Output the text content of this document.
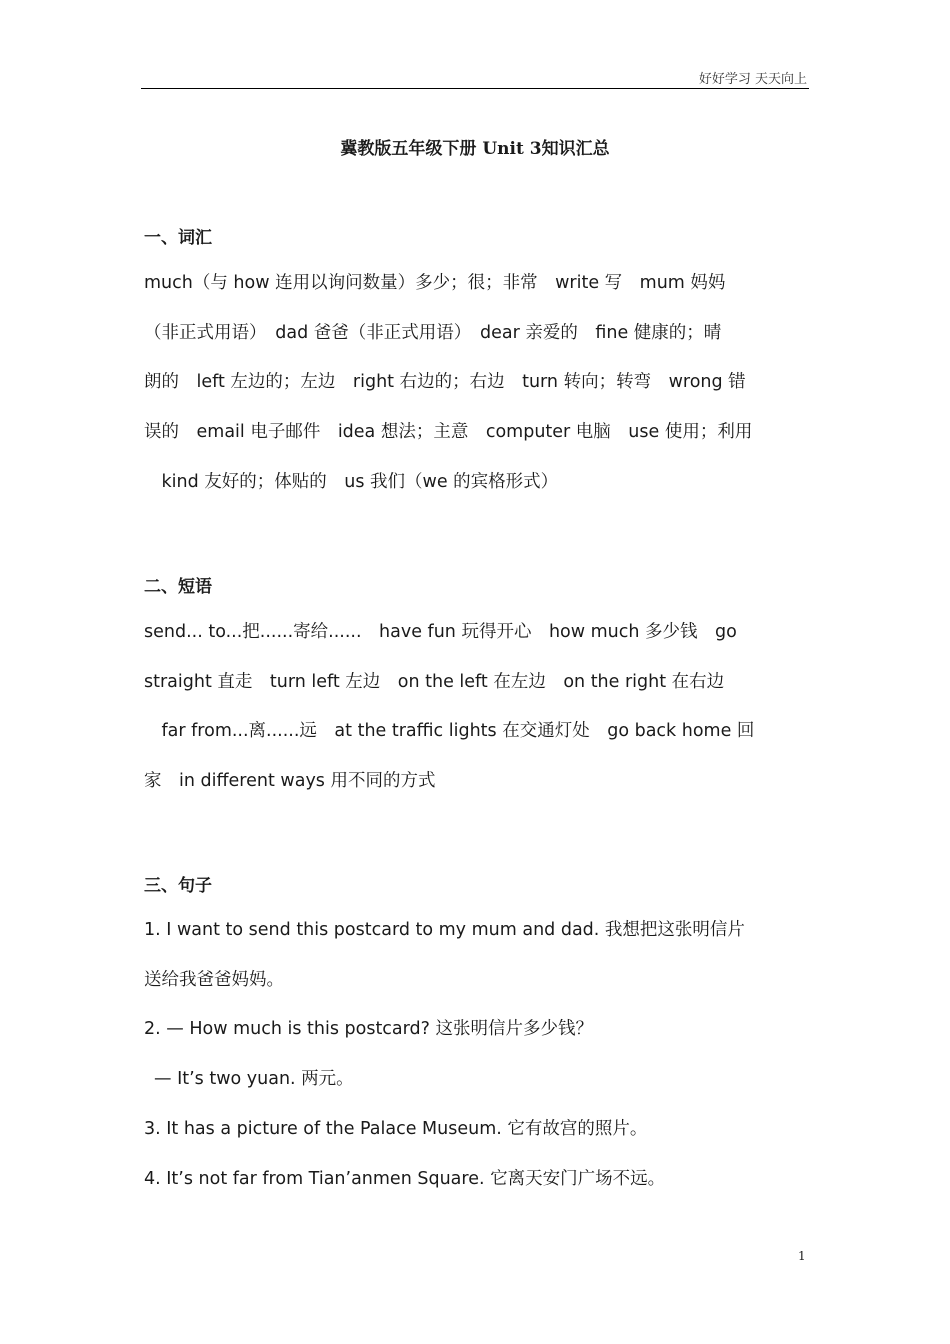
好好学习 天天向上
冀教版五年级下册 Unit 3知识汇总
一、词汇
much（与 how 连用以询问数量）多少；很；非常　write 写　mum 妈妈
（非正式用语）　dad 爸爸（非正式用语）　dear 亲爱的　fine 健康的；晴
朗的　left 左边的；左边　right 右边的；右边　turn 转向；转弯　wrong 错
误的　email 电子邮件　idea 想法；主意　computer 电脑　use 使用；利用
　kind 友好的；体贴的　us 我们（we 的宾格形式）
二、短语
send... to...把......寄给......　have fun 玩得开心　how much 多少钱　go
straight 直走　turn left 左边　on the left 在左边　on the right 在右边
　far from...离......远　at the traffic lights 在交通灯处　go back home 回
家　in different ways 用不同的方式
三、句子
1. I want to send this postcard to my mum and dad. 我想把这张明信片
送给我爸爸妈妈。
2. — How much is this postcard? 这张明信片多少钱？
— It’s two yuan. 两元。
3. It has a picture of the Palace Museum. 它有故宫的照片。
4. It’s not far from Tian’anmen Square. 它离天安门广场不远。
1
